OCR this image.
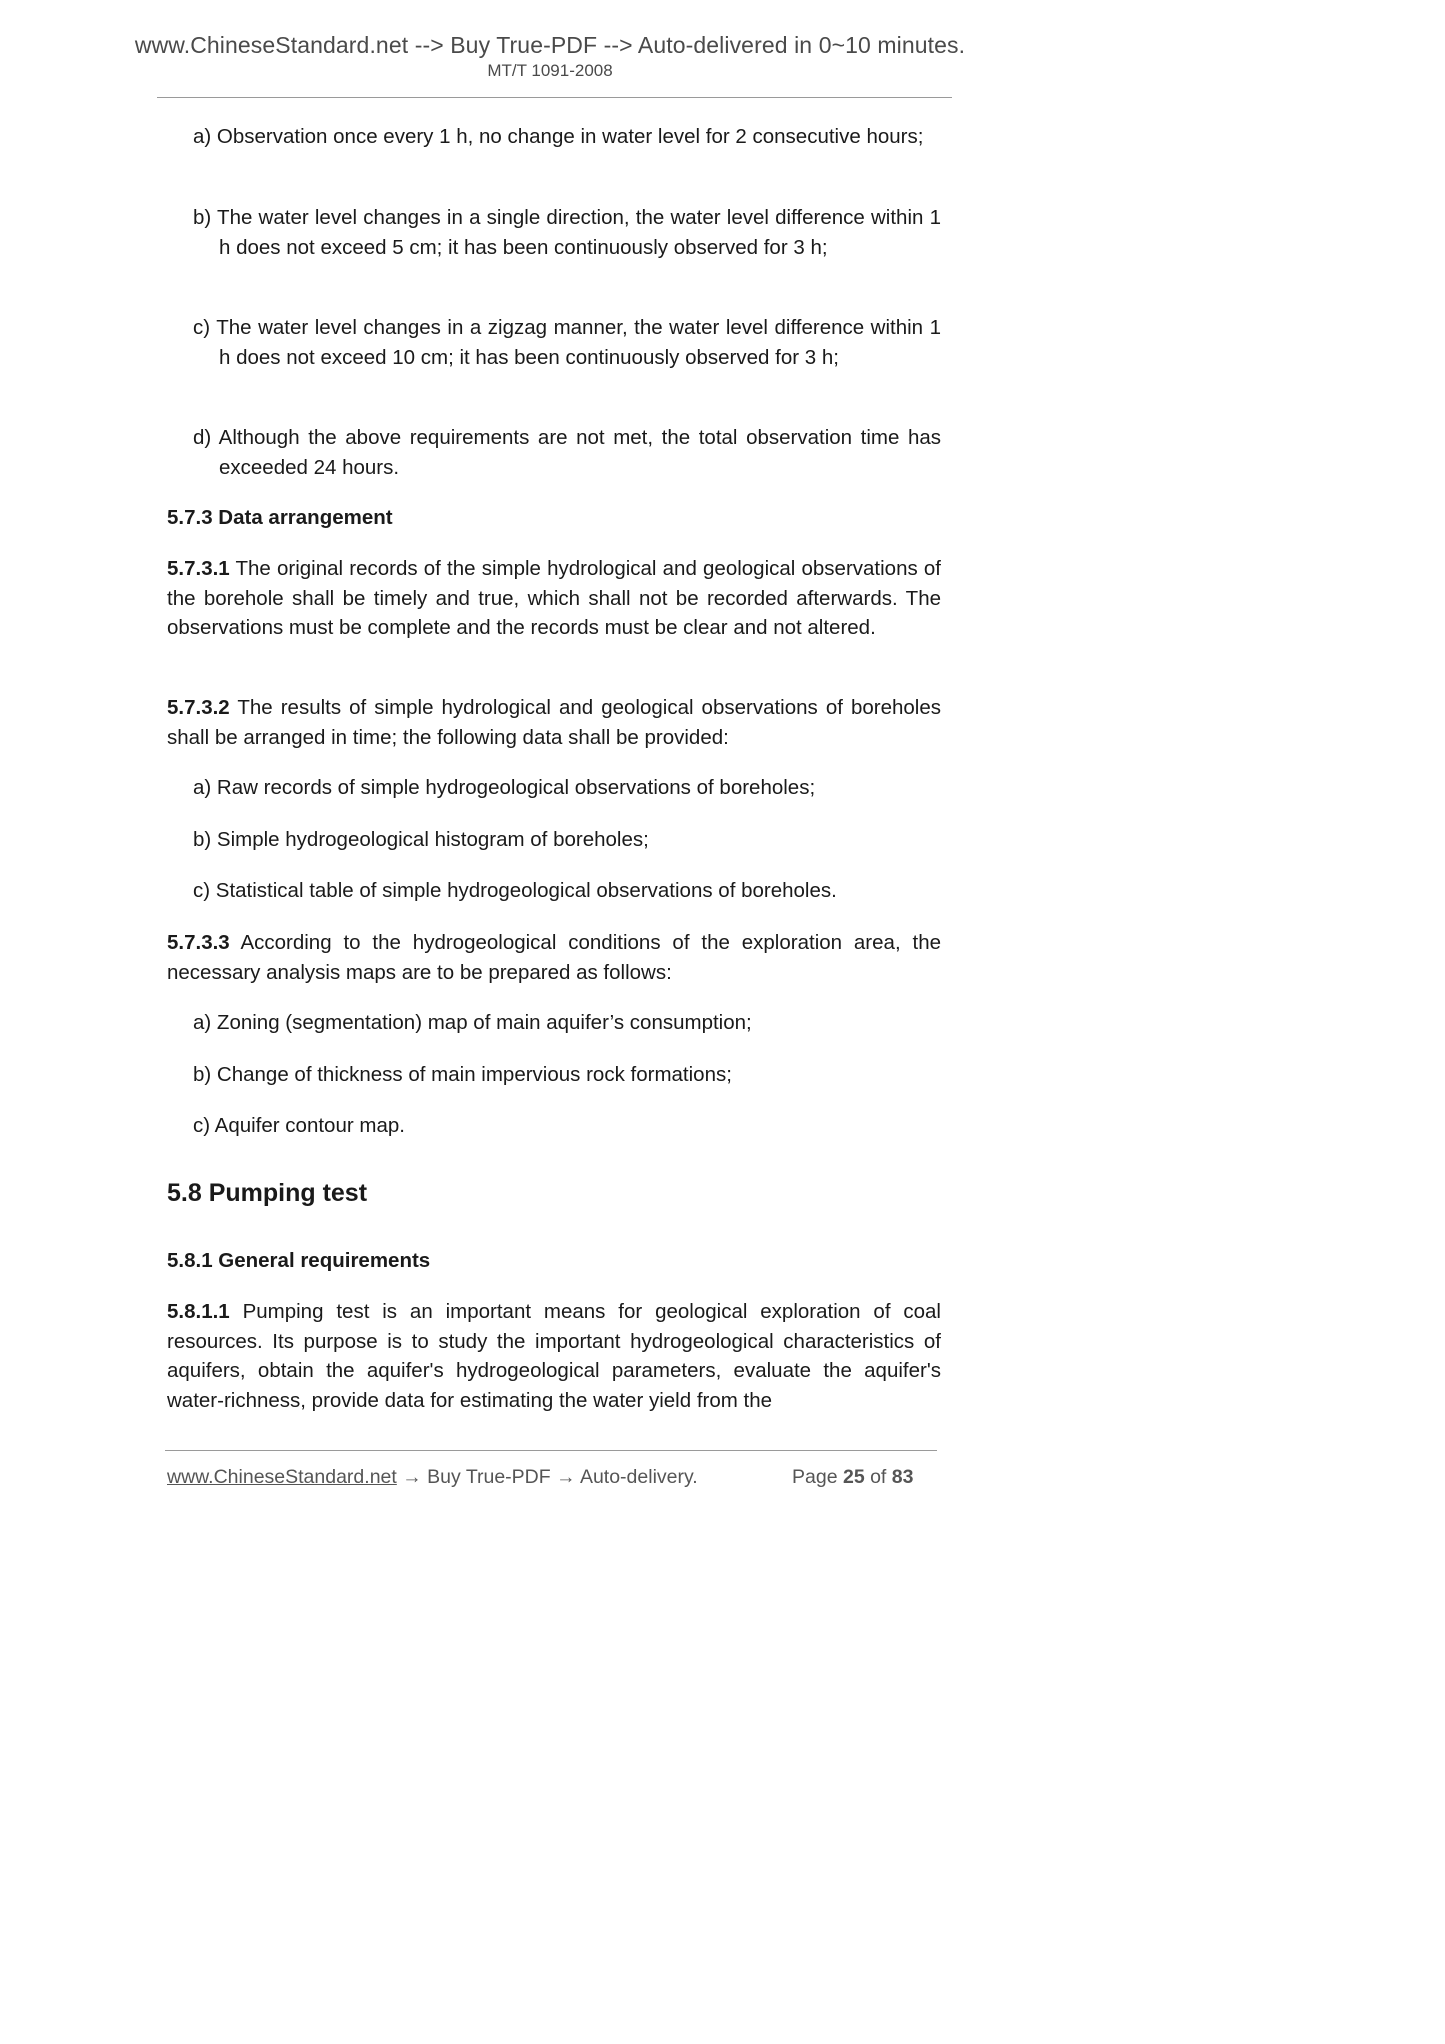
www.ChineseStandard.net --> Buy True-PDF --> Auto-delivered in 0~10 minutes.
MT/T 1091-2008
a) Observation once every 1 h, no change in water level for 2 consecutive hours;
b) The water level changes in a single direction, the water level difference within 1 h does not exceed 5 cm; it has been continuously observed for 3 h;
c) The water level changes in a zigzag manner, the water level difference within 1 h does not exceed 10 cm; it has been continuously observed for 3 h;
d) Although the above requirements are not met, the total observation time has exceeded 24 hours.
5.7.3 Data arrangement
5.7.3.1 The original records of the simple hydrological and geological observations of the borehole shall be timely and true, which shall not be recorded afterwards. The observations must be complete and the records must be clear and not altered.
5.7.3.2 The results of simple hydrological and geological observations of boreholes shall be arranged in time; the following data shall be provided:
a) Raw records of simple hydrogeological observations of boreholes;
b) Simple hydrogeological histogram of boreholes;
c) Statistical table of simple hydrogeological observations of boreholes.
5.7.3.3 According to the hydrogeological conditions of the exploration area, the necessary analysis maps are to be prepared as follows:
a) Zoning (segmentation) map of main aquifer’s consumption;
b) Change of thickness of main impervious rock formations;
c) Aquifer contour map.
5.8 Pumping test
5.8.1 General requirements
5.8.1.1 Pumping test is an important means for geological exploration of coal resources. Its purpose is to study the important hydrogeological characteristics of aquifers, obtain the aquifer's hydrogeological parameters, evaluate the aquifer's water-richness, provide data for estimating the water yield from the
www.ChineseStandard.net → Buy True-PDF → Auto-delivery.	Page 25 of 83
